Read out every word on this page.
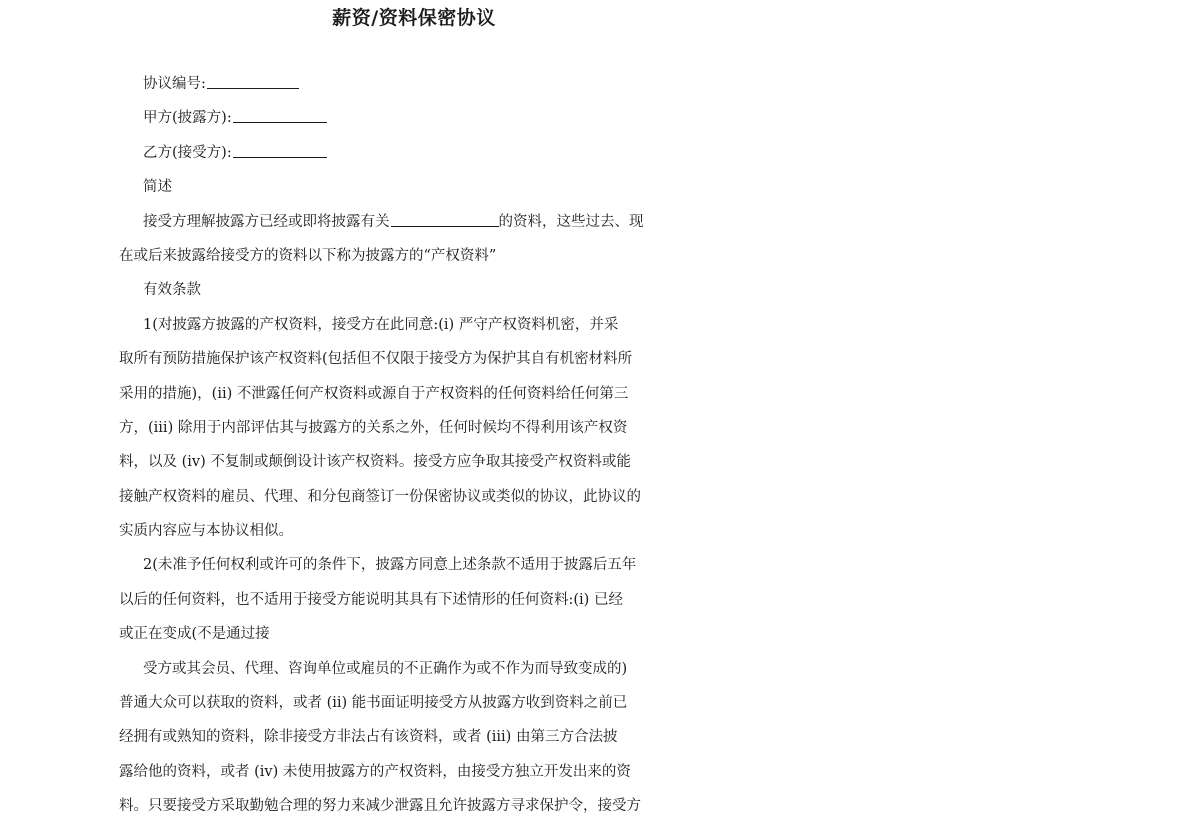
薪资/资料保密协议
协议编号:
甲方(披露方):
乙方(接受方):
简述
接受方理解披露方已经或即将披露有关	的资料，这些过去、现
在或后来披露给接受方的资料以下称为披露方的“产权资料”
有效条款
1(对披露方披露的产权资料，接受方在此同意:(i) 严守产权资料机密，并采
取所有预防措施保护该产权资料(包括但不仅限于接受方为保护其自有机密材料所
采用的措施)，(ii) 不泄露任何产权资料或源自于产权资料的任何资料给任何第三
方，(iii) 除用于内部评估其与披露方的关系之外，任何时候均不得利用该产权资
料，以及 (iv) 不复制或颠倒设计该产权资料。接受方应争取其接受产权资料或能
接触产权资料的雇员、代理、和分包商签订一份保密协议或类似的协议，此协议的
实质内容应与本协议相似。
2(未准予任何权利或许可的条件下，披露方同意上述条款不适用于披露后五年
以后的任何资料，也不适用于接受方能说明其具有下述情形的任何资料:(i) 已经
或正在变成(不是通过接
受方或其会员、代理、咨询单位或雇员的不正确作为或不作为而导致变成的)
普通大众可以获取的资料，或者 (ii) 能书面证明接受方从披露方收到资料之前已
经拥有或熟知的资料，除非接受方非法占有该资料，或者 (iii) 由第三方合法披
露给他的资料，或者 (iv) 未使用披露方的产权资料，由接受方独立开发出来的资
料。只要接受方采取勤勉合理的努力来减少泄露且允许披露方寻求保护令，接受方
